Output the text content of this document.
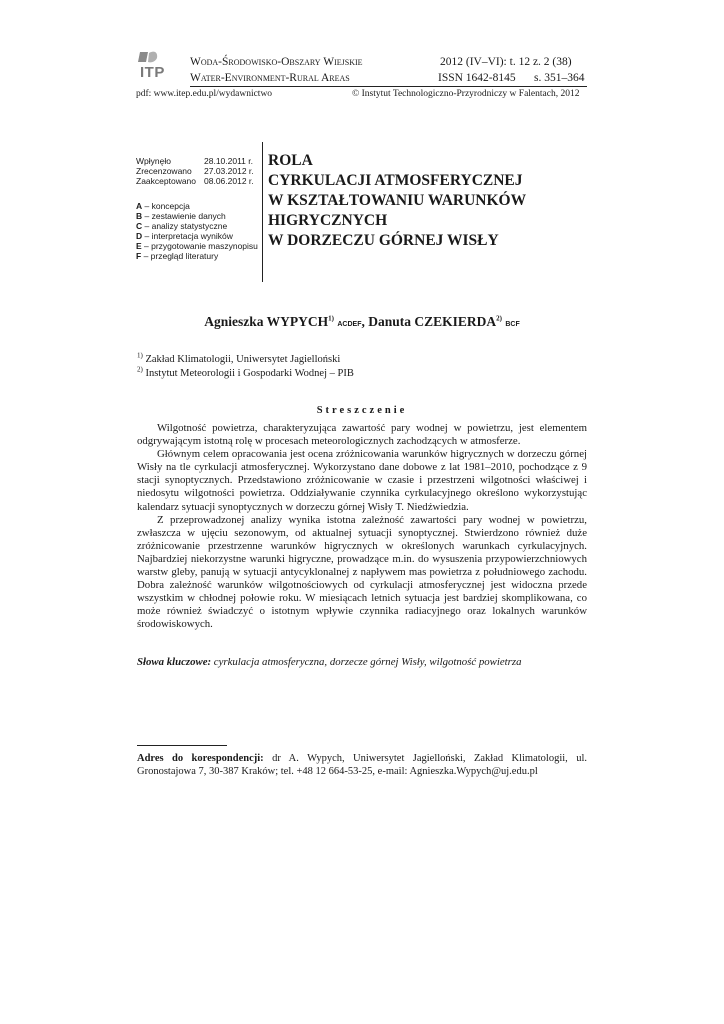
ITP
Woda-Środowisko-Obszary Wiejskie	2012 (IV–VI): t. 12 z. 2 (38)
Water-Environment-Rural Areas	ISSN 1642-8145 s. 351–364
pdf: www.itep.edu.pl/wydawnictwo	© Instytut Technologiczno-Przyrodniczy w Falentach, 2012
Wpłynęło	28.10.2011 r.
Zrecenzowano 27.03.2012 r.
Zaakceptowano 08.06.2012 r.
A – koncepcja
B – zestawienie danych
C – analizy statystyczne
D – interpretacja wyników
E – przygotowanie maszynopisu
F – przegląd literatury
ROLA
CYRKULACJI ATMOSFERYCZNEJ
W KSZTAŁTOWANIU WARUNKÓW
HIGRYCZNYCH
W DORZECZU GÓRNEJ WISŁY
Agnieszka WYPYCH$^{1)}$ ACDEF, Danuta CZEKIERDA$^{2)}$ BCF
$^{1)}$ Zakład Klimatologii, Uniwersytet Jagielloński
$^{2)}$ Instytut Meteorologii i Gospodarki Wodnej – PIB
Streszczenie

Wilgotność powietrza, charakteryzująca zawartość pary wodnej w powietrzu, jest elementem odgrywającym istotną rolę w procesach meteorologicznych zachodzących w atmosferze.

Głównym celem opracowania jest ocena zróżnicowania warunków higrycznych w dorzeczu górnej Wisły na tle cyrkulacji atmosferycznej. Wykorzystano dane dobowe z lat 1981–2010, pochodzące z 9 stacji synoptycznych. Przedstawiono zróżnicowanie w czasie i przestrzeni wilgotności właściwej i niedosytu wilgotności powietrza. Oddziaływanie czynnika cyrkulacyjnego określono wykorzystując kalendarz sytuacji synoptycznych w dorzeczu górnej Wisły T. Niedźwiedzia.

Z przeprowadzonej analizy wynika istotna zależność zawartości pary wodnej w powietrzu, zwłaszcza w ujęciu sezonowym, od aktualnej sytuacji synoptycznej. Stwierdzono również duże zróżnicowanie przestrzenne warunków higrycznych w określonych warunkach cyrkulacyjnych. Najbardziej niekorzystne warunki higryczne, prowadzące m.in. do wysuszenia przypowierzchniowych warstw gleby, panują w sytuacji antycyklonalnej z napływem mas powietrza z południowego zachodu. Dobra zależność warunków wilgotnościowych od cyrkulacji atmosferycznej jest widoczna przede wszystkim w chłodnej połowie roku. W miesiącach letnich sytuacja jest bardziej skomplikowana, co może również świadczyć o istotnym wpływie czynnika radiacyjnego oraz lokalnych warunków środowiskowych.

Słowa kluczowe: cyrkulacja atmosferyczna, dorzecze górnej Wisły, wilgotność powietrza
Adres do korespondencji: dr A. Wypych, Uniwersytet Jagielloński, Zakład Klimatologii, ul. Gronostajowa 7, 30-387 Kraków; tel. +48 12 664-53-25, e-mail: Agnieszka.Wypych@uj.edu.pl
